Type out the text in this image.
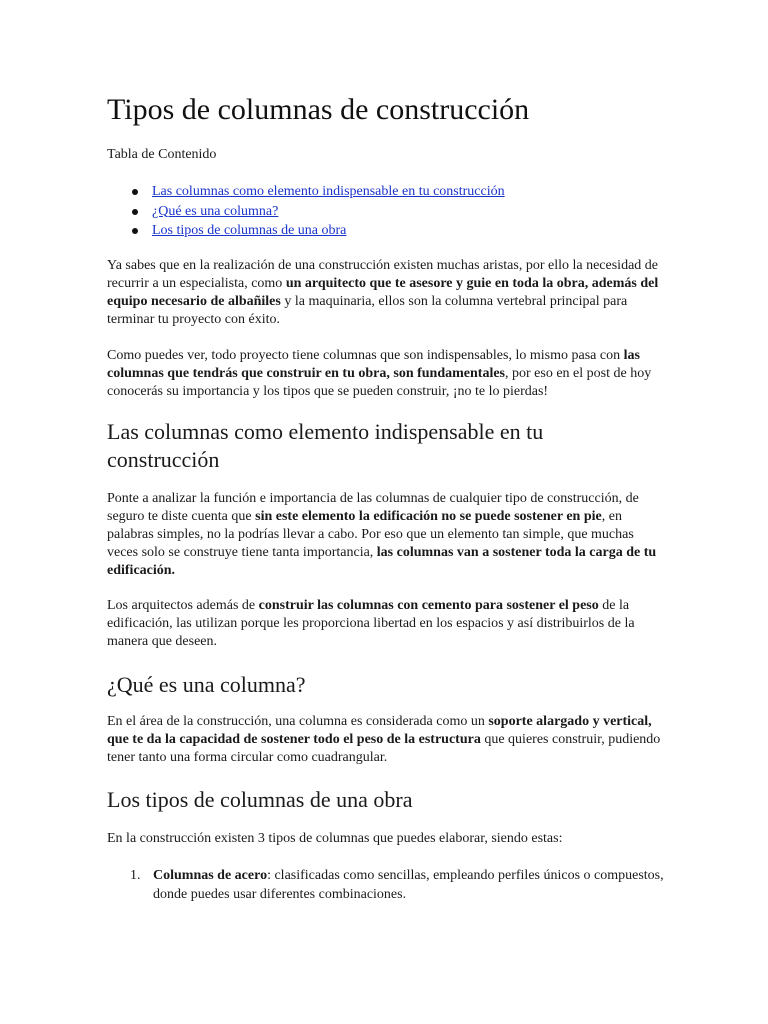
Tipos de columnas de construcción
Tabla de Contenido
Las columnas como elemento indispensable en tu construcción
¿Qué es una columna?
Los tipos de columnas de una obra

Ya sabes que en la realización de una construcción existen muchas aristas, por ello la necesidad de recurrir a un especialista, como un arquitecto que te asesore y guie en toda la obra, además del equipo necesario de albañiles y la maquinaria, ellos son la columna vertebral principal para terminar tu proyecto con éxito.

Como puedes ver, todo proyecto tiene columnas que son indispensables, lo mismo pasa con las columnas que tendrás que construir en tu obra, son fundamentales, por eso en el post de hoy conocerás su importancia y los tipos que se pueden construir, ¡no te lo pierdas!

Las columnas como elemento indispensable en tu construcción

Ponte a analizar la función e importancia de las columnas de cualquier tipo de construcción, de seguro te diste cuenta que sin este elemento la edificación no se puede sostener en pie, en palabras simples, no la podrías llevar a cabo. Por eso que un elemento tan simple, que muchas veces solo se construye tiene tanta importancia, las columnas van a sostener toda la carga de tu edificación.

Los arquitectos además de construir las columnas con cemento para sostener el peso de la edificación, las utilizan porque les proporciona libertad en los espacios y así distribuirlos de la manera que deseen.

¿Qué es una columna?

En el área de la construcción, una columna es considerada como un soporte alargado y vertical, que te da la capacidad de sostener todo el peso de la estructura que quieres construir, pudiendo tener tanto una forma circular como cuadrangular.

Los tipos de columnas de una obra

En la construcción existen 3 tipos de columnas que puedes elaborar, siendo estas:

1. Columnas de acero: clasificadas como sencillas, empleando perfiles únicos o compuestos, donde puedes usar diferentes combinaciones.
